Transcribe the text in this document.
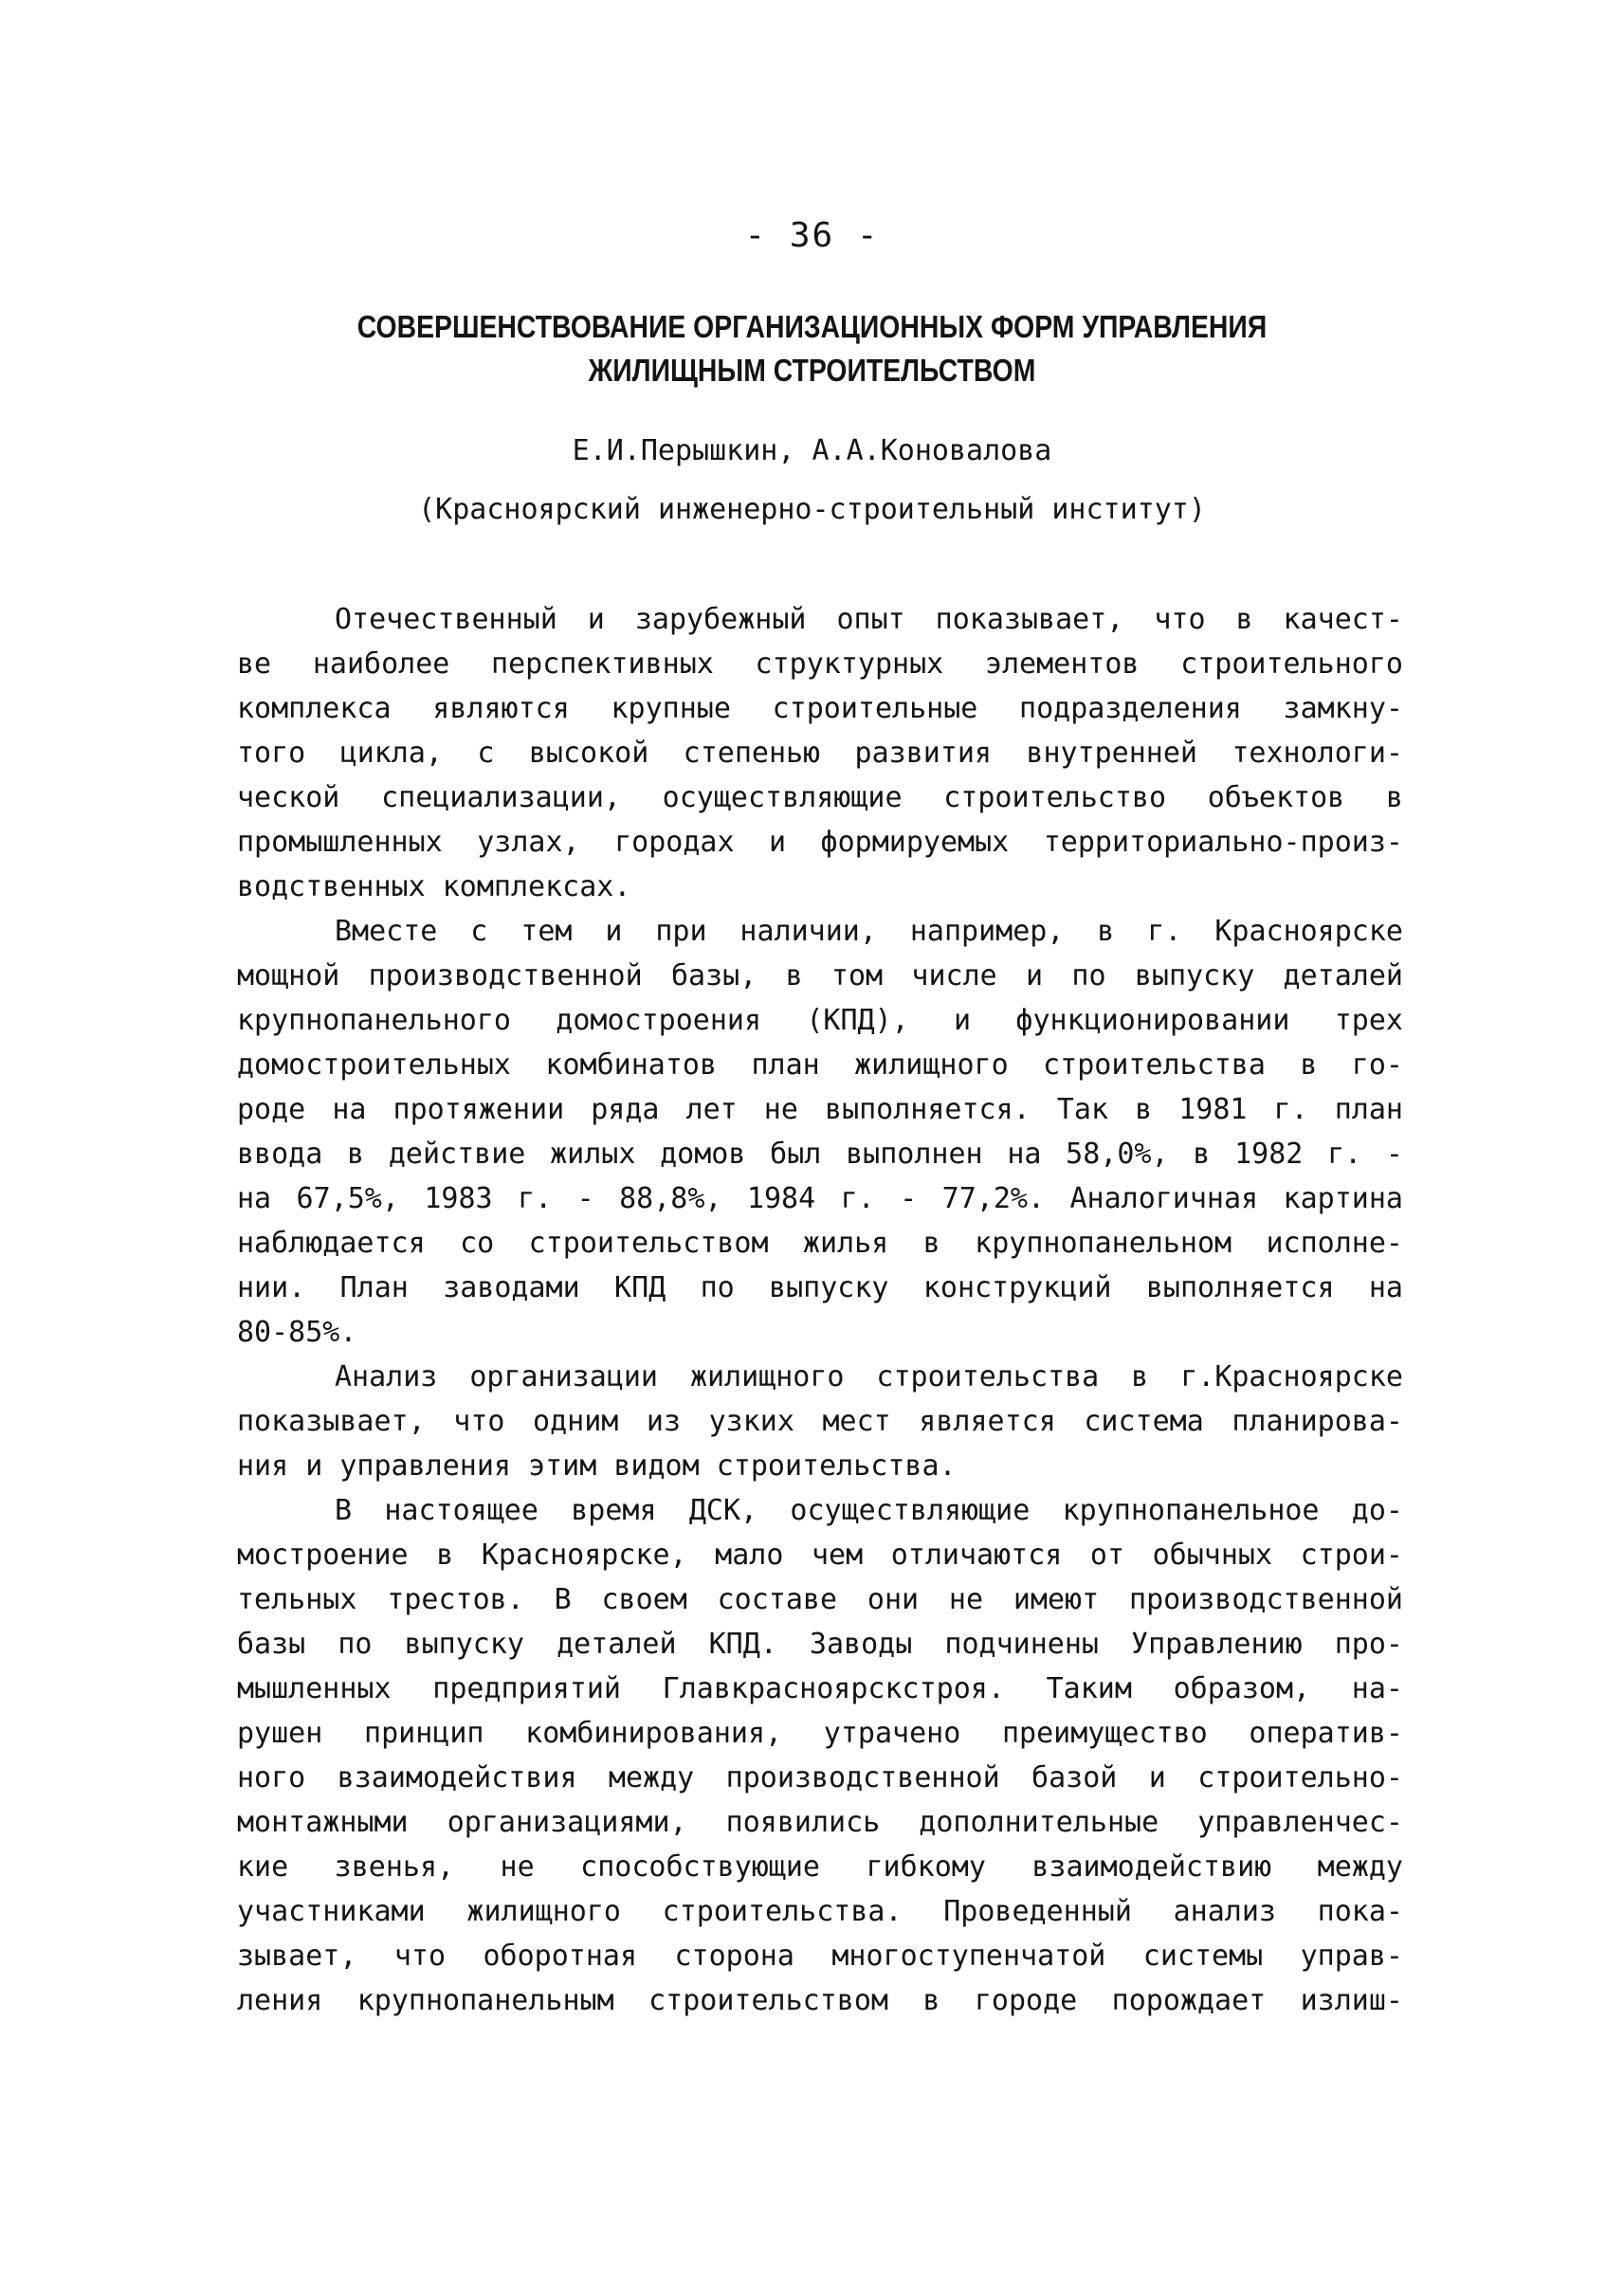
- 36 -
СОВЕРШЕНСТВОВАНИЕ ОРГАНИЗАЦИОННЫХ ФОРМ УПРАВЛЕНИЯ
ЖИЛИЩНЫМ СТРОИТЕЛЬСТВОМ
Е.И.Перышкин, А.А.Коновалова
(Красноярский инженерно-строительный институт)
Отечественный и зарубежный опыт показывает, что в качест-
ве наиболее перспективных структурных элементов строительного
комплекса являются крупные строительные подразделения замкну-
того цикла, с высокой степенью развития внутренней технологи-
ческой специализации, осуществляющие строительство объектов в
промышленных узлах, городах и формируемых территориально-произ-
водственных комплексах.
Вместе с тем и при наличии, например, в г. Красноярске
мощной производственной базы, в том числе и по выпуску деталей
крупнопанельного домостроения (КПД), и функционировании трех
домостроительных комбинатов план жилищного строительства в го-
роде на протяжении ряда лет не выполняется. Так в 1981 г. план
ввода в действие жилых домов был выполнен на 58,0%, в 1982 г. -
на 67,5%, 1983 г. - 88,8%, 1984 г. - 77,2%. Аналогичная картина
наблюдается со строительством жилья в крупнопанельном исполне-
нии. План заводами КПД по выпуску конструкций выполняется на
80-85%.
Анализ организации жилищного строительства в г.Красноярске
показывает, что одним из узких мест является система планирова-
ния и управления этим видом строительства.
В настоящее время ДСК, осуществляющие крупнопанельное до-
мостроение в Красноярске, мало чем отличаются от обычных строи-
тельных трестов. В своем составе они не имеют производственной
базы по выпуску деталей КПД. Заводы подчинены Управлению про-
мышленных предприятий Главкрасноярскстроя. Таким образом, на-
рушен принцип комбинирования, утрачено преимущество оператив-
ного взаимодействия между производственной базой и строительно-
монтажными организациями, появились дополнительные управленчес-
кие звенья, не способствующие гибкому взаимодействию между
участниками жилищного строительства. Проведенный анализ пока-
зывает, что оборотная сторона многоступенчатой системы управ-
ления крупнопанельным строительством в городе порождает излиш-
